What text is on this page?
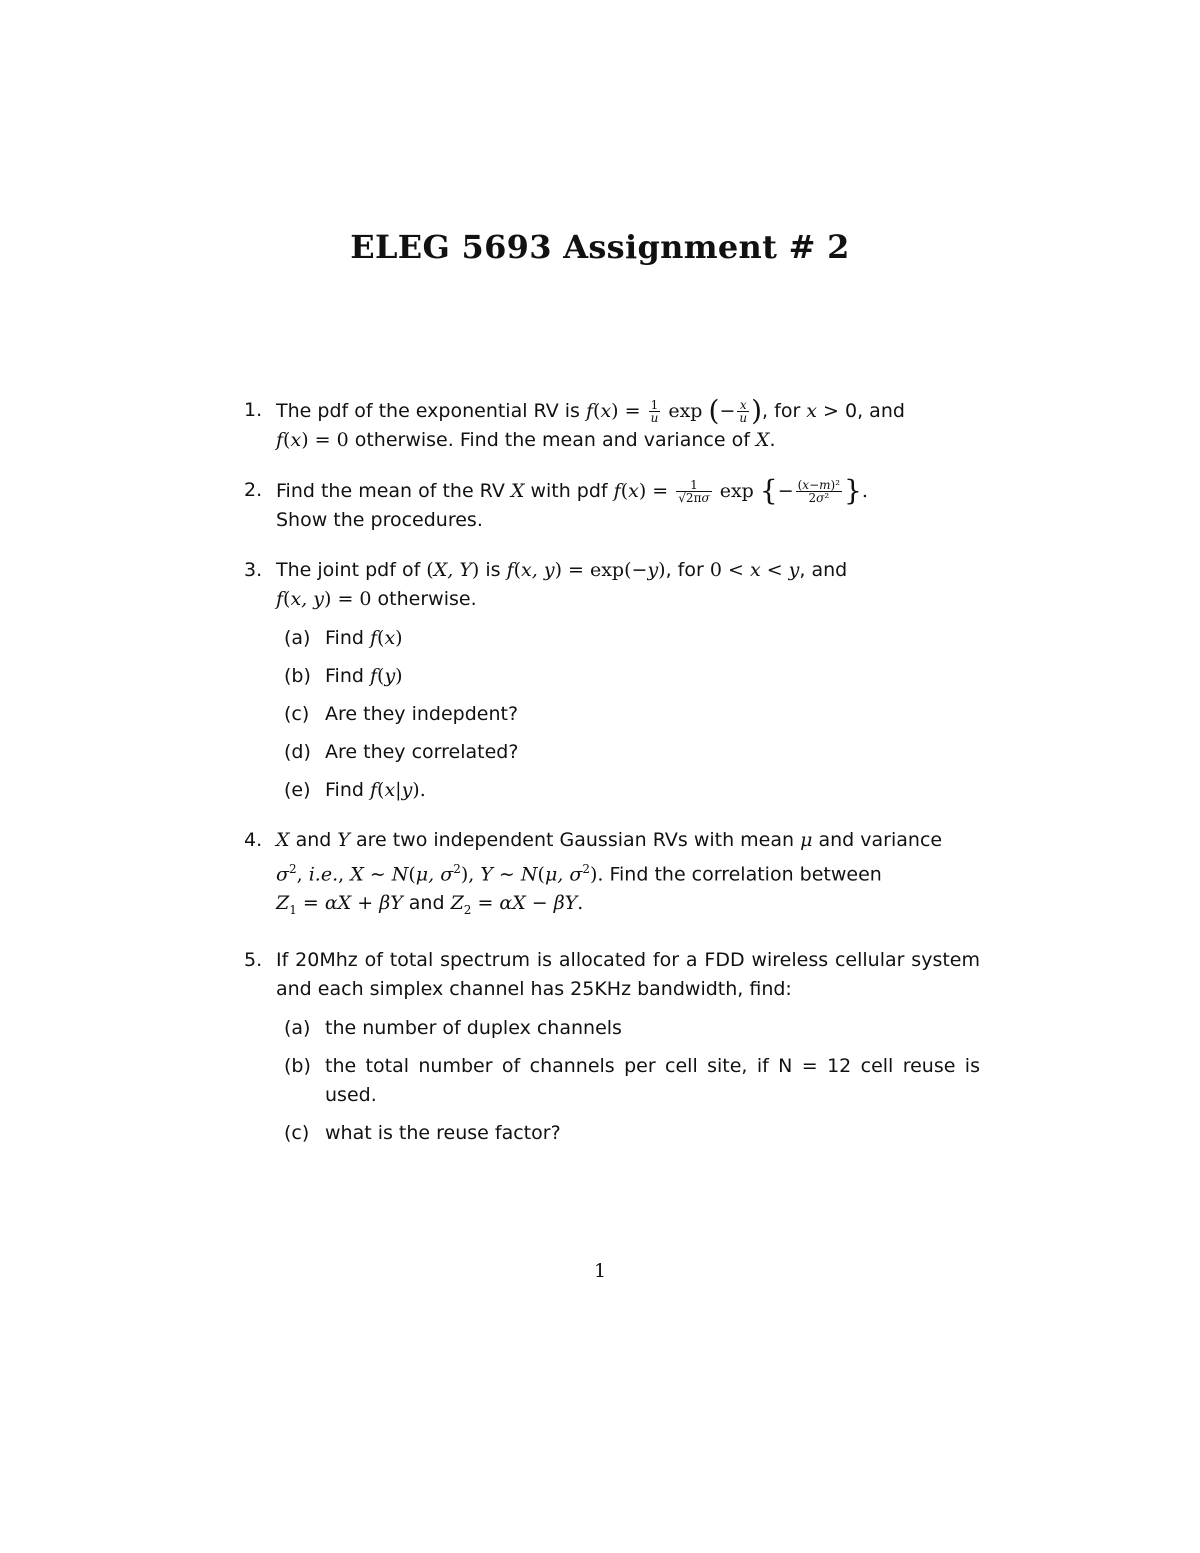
ELEG 5693 Assignment # 2
1. The pdf of the exponential RV is $f(x) = \frac{1}{u}$ exp (− $\frac{x}{u}$ ), for x > 0, and
f(x) = 0 otherwise. Find the mean and variance of X.
2. Find the mean of the RV X with pdf $f(x) = \frac{1}{√2\pi\sigma}$ exp {− $\frac{\text{(x−m)²}}{\text{2σ²}}$ }.
Show the procedures.
3. The joint pdf of (X, Y) is f(x, y) = exp(−y), for 0 < x < y, and
f(x, y) = 0 otherwise.
(a) Find f(x)
(b) Find f(y)
(c) Are they indepdent?
(d) Are they correlated?
(e) Find f(x|y).
4. X and Y are two independent Gaussian RVs with mean μ and variance
$\sigma^2$, i.e., X ∼ N(μ, $\sigma^2$), Y ∼ N(μ, $\sigma^2$). Find the correlation between
$Z_1 = \alpha X + \beta Y$ and $Z_2 = \alpha X - \beta Y$.
5. If 20Mhz of total spectrum is allocated for a FDD wireless cellular system and each simplex channel has 25KHz bandwidth, find:
(a) the number of duplex channels
(b) the total number of channels per cell site, if N = 12 cell reuse is used.
(c) what is the reuse factor?
1
